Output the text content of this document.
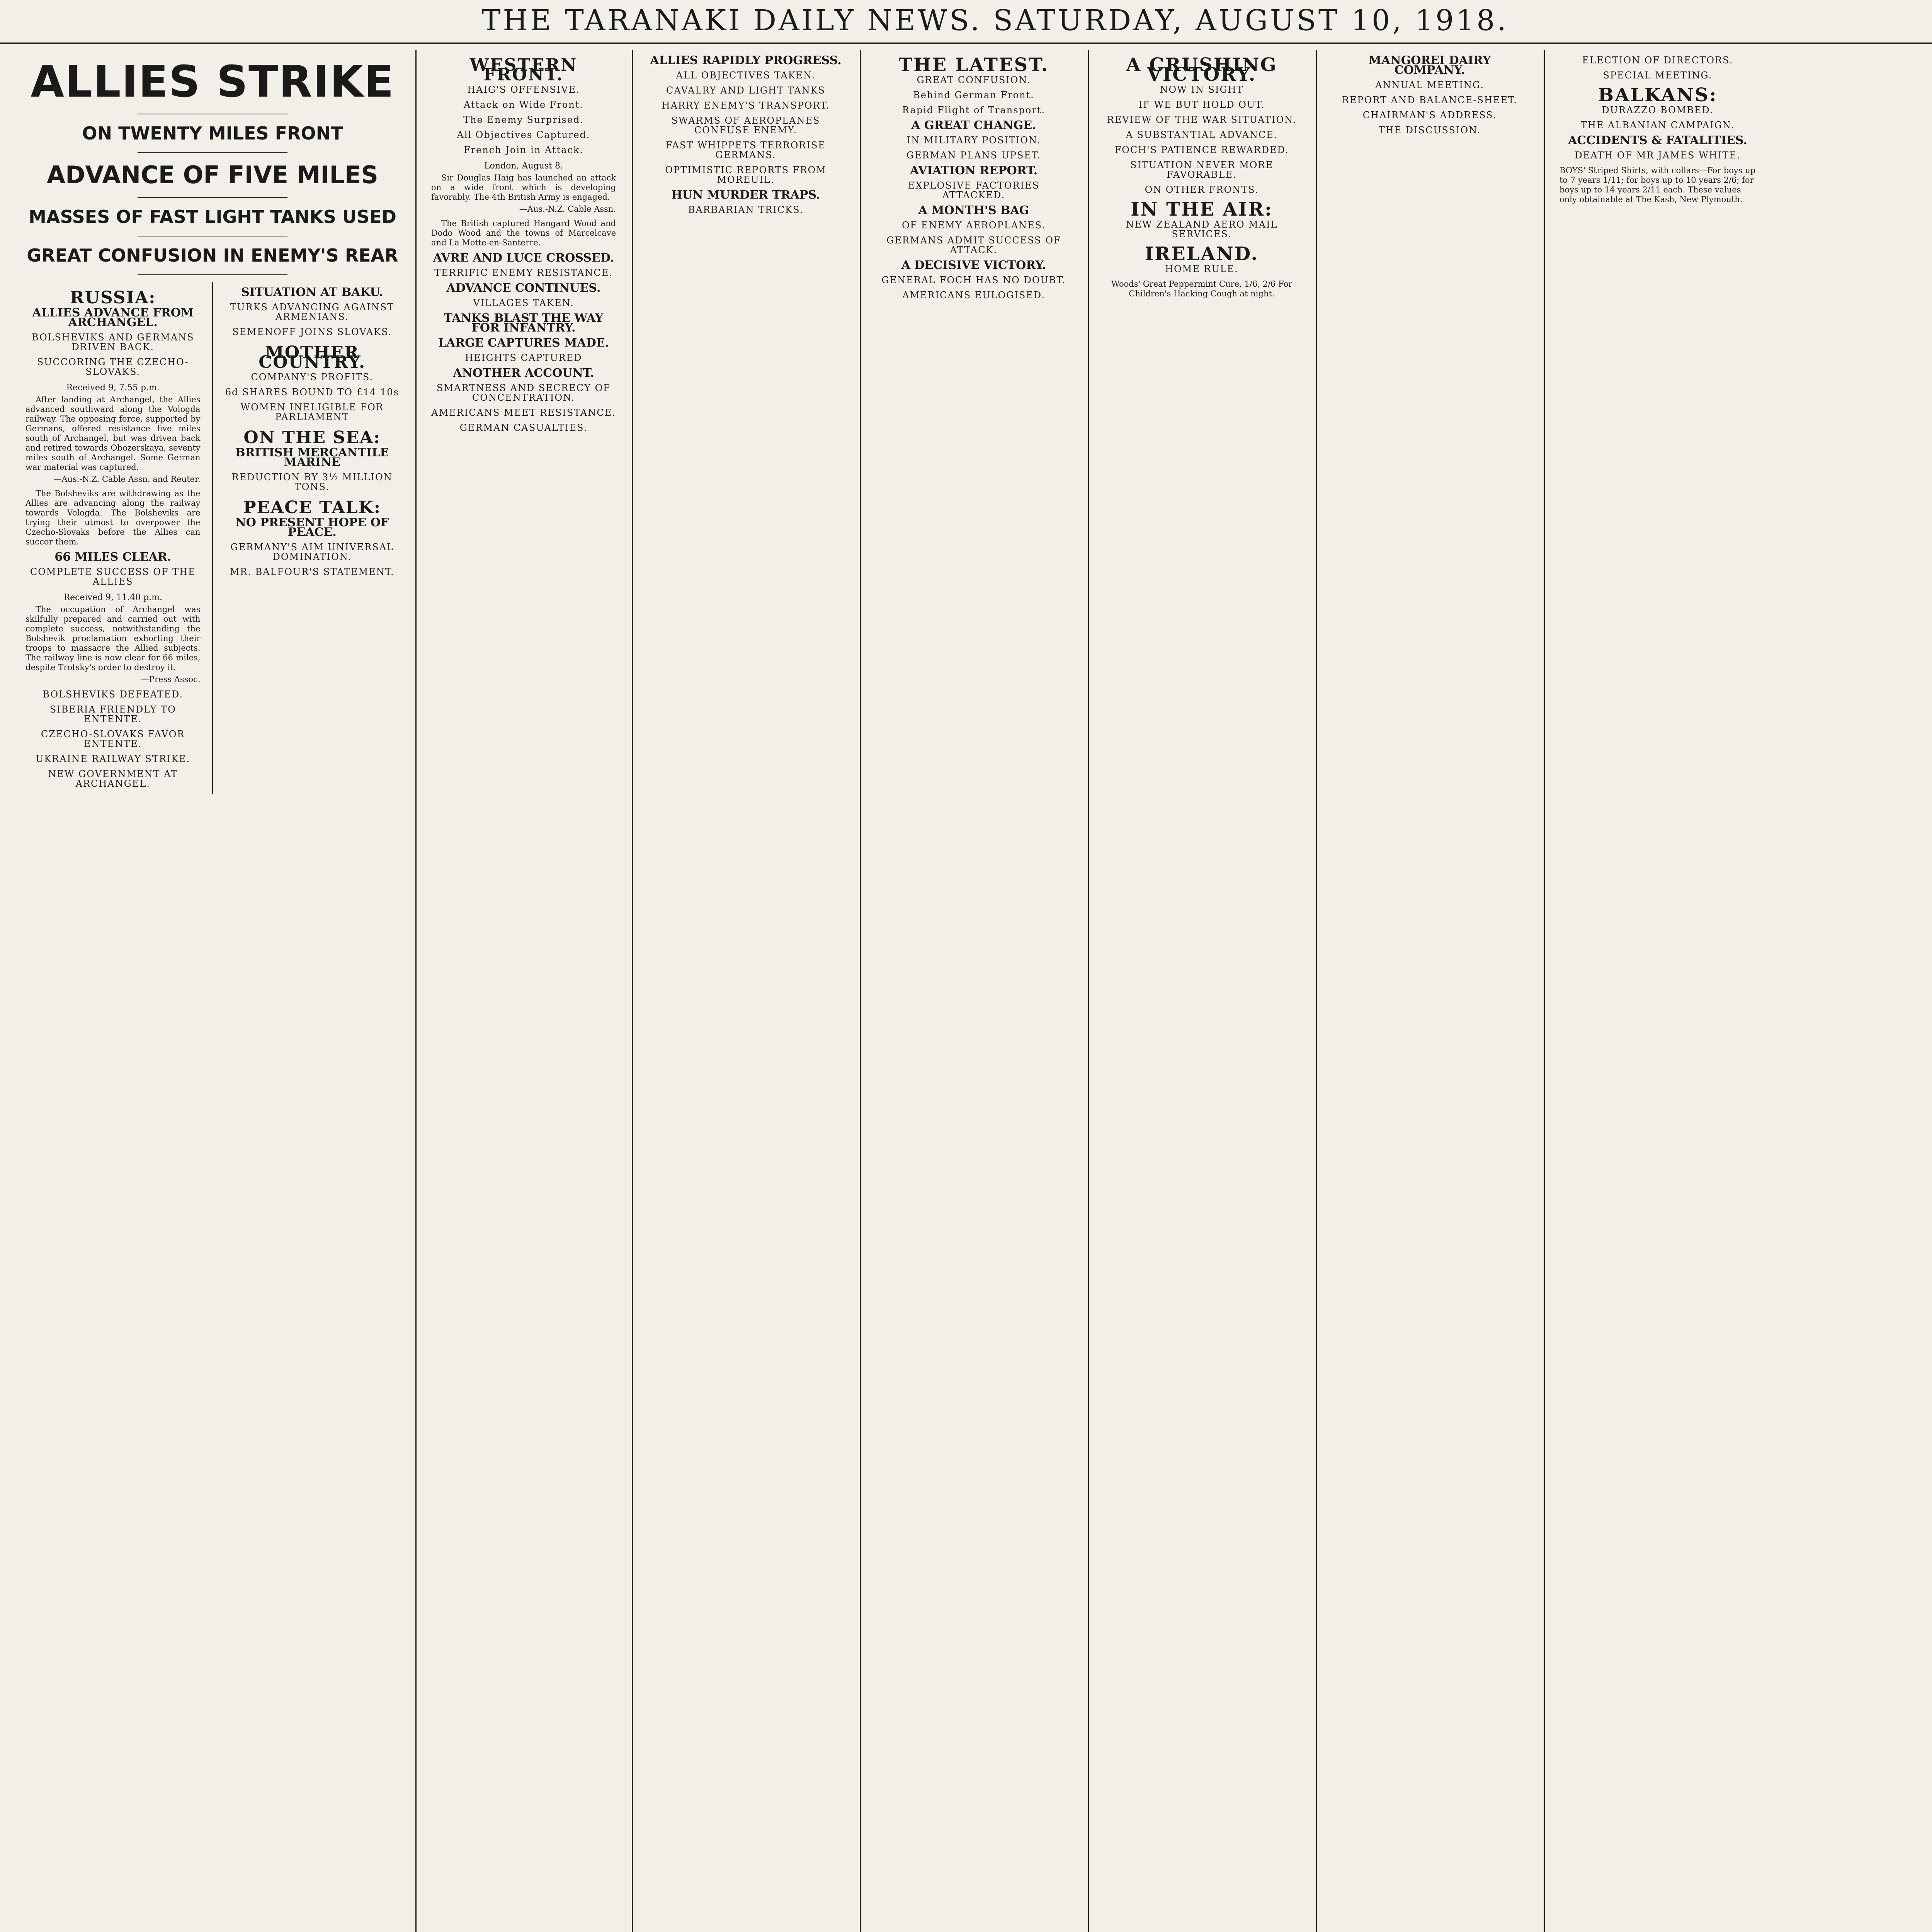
THE TARANAKI DAILY NEWS. SATURDAY, AUGUST 10, 1918.
ALLIES STRIKE
ON TWENTY MILES FRONT
ADVANCE OF FIVE MILES
MASSES OF FAST LIGHT TANKS USED
GREAT CONFUSION IN ENEMY'S REAR
RUSSIA:
ALLIES ADVANCE FROM ARCHANGEL.
BOLSHEVIKS AND GERMANS DRIVEN BACK.
SUCCORING THE CZECHO-SLOVAKS.
Received 9, 7.55 p.m.

After landing at Archangel, the Allies advanced southward along the Vologda railway. The opposing force, supported by Germans, offered resistance five miles south of Archangel, but was driven back and retired towards Obozerskaya, seventy miles south of Archangel. Some German war material was captured.

—Aus.-N.Z. Cable Assn. and Reuter.

The Bolsheviks are withdrawing as the Allies are advancing along the railway towards Vologda. The Bolsheviks are trying their utmost to overpower the Czecho-Slovaks before the Allies can succor them.

66 MILES CLEAR.
COMPLETE SUCCESS OF THE ALLIES
Received 9, 11.40 p.m.

The occupation of Archangel was skilfully prepared and carried out with complete success, notwithstanding the Bolshevik proclamation exhorting their troops to massacre the Allied subjects. The railway line is now clear for 66 miles, despite Trotsky's order to destroy it.

—Press Assoc.
BOLSHEVIKS DEFEATED.
SIBERIA FRIENDLY TO ENTENTE.
CZECHO-SLOVAKS FAVOR ENTENTE.
UKRAINE RAILWAY STRIKE.
NEW GOVERNMENT AT ARCHANGEL.
SITUATION AT BAKU.
TURKS ADVANCING AGAINST ARMENIANS.
SEMENOFF JOINS SLOVAKS.
MOTHER COUNTRY.
COMPANY'S PROFITS.
6d SHARES BOUND TO £14 10s
WOMEN INELIGIBLE FOR PARLIAMENT
ON THE SEA:
BRITISH MERCANTILE MARINE
REDUCTION BY 3½ MILLION TONS.
PEACE TALK:
NO PRESENT HOPE OF PEACE.
GERMANY'S AIM UNIVERSAL DOMINATION.
MR. BALFOUR'S STATEMENT.
WESTERN FRONT.
HAIG'S OFFENSIVE.
Attack on Wide Front.
The Enemy Surprised.
All Objectives Captured.
French Join in Attack.
London, August 8.

Sir Douglas Haig has launched an attack on a wide front which is developing favorably. The 4th British Army is engaged.

—Aus.-N.Z. Cable Assn.

The British captured Hangard Wood and Dodo Wood and the towns of Marcelcave and La Motte-en-Santerre.

AVRE AND LUCE CROSSED.
TERRIFIC ENEMY RESISTANCE.
ADVANCE CONTINUES.
VILLAGES TAKEN.
TANKS BLAST THE WAY FOR INFANTRY.
LARGE CAPTURES MADE.
HEIGHTS CAPTURED
ANOTHER ACCOUNT.
SMARTNESS AND SECRECY OF CONCENTRATION.
AMERICANS MEET RESISTANCE.
GERMAN CASUALTIES.
ALLIES RAPIDLY PROGRESS.
ALL OBJECTIVES TAKEN.
CAVALRY AND LIGHT TANKS
HARRY ENEMY'S TRANSPORT.
SWARMS OF AEROPLANES CONFUSE ENEMY.
FAST WHIPPETS TERRORISE GERMANS.
OPTIMISTIC REPORTS FROM MOREUIL.
HUN MURDER TRAPS.
BARBARIAN TRICKS.
THE LATEST.
GREAT CONFUSION.
Behind German Front.
Rapid Flight of Transport.
A GREAT CHANGE.
IN MILITARY POSITION.
GERMAN PLANS UPSET.
AVIATION REPORT.
EXPLOSIVE FACTORIES ATTACKED.
A MONTH'S BAG
OF ENEMY AEROPLANES.
GERMANS ADMIT SUCCESS OF ATTACK.
A DECISIVE VICTORY.
GENERAL FOCH HAS NO DOUBT.
AMERICANS EULOGISED.
A CRUSHING VICTORY.
NOW IN SIGHT
IF WE BUT HOLD OUT.
REVIEW OF THE WAR SITUATION.
A SUBSTANTIAL ADVANCE.
FOCH'S PATIENCE REWARDED.
SITUATION NEVER MORE FAVORABLE.
ON OTHER FRONTS.
IN THE AIR:
NEW ZEALAND AERO MAIL SERVICES.
IRELAND.
HOME RULE.
Woods' Great Peppermint Cure, 1/6, 2/6 For Children's Hacking Cough at night.
MANGOREI DAIRY COMPANY.
ANNUAL MEETING.
REPORT AND BALANCE-SHEET.
CHAIRMAN'S ADDRESS.
THE DISCUSSION.
ELECTION OF DIRECTORS.
SPECIAL MEETING.
BALKANS:
DURAZZO BOMBED.
THE ALBANIAN CAMPAIGN.
ACCIDENTS & FATALITIES.
DEATH OF MR JAMES WHITE.
BOYS' Striped Shirts, with collars—For boys up to 7 years 1/11; for boys up to 10 years 2/6; for boys up to 14 years 2/11 each. These values only obtainable at The Kash, New Plymouth.
